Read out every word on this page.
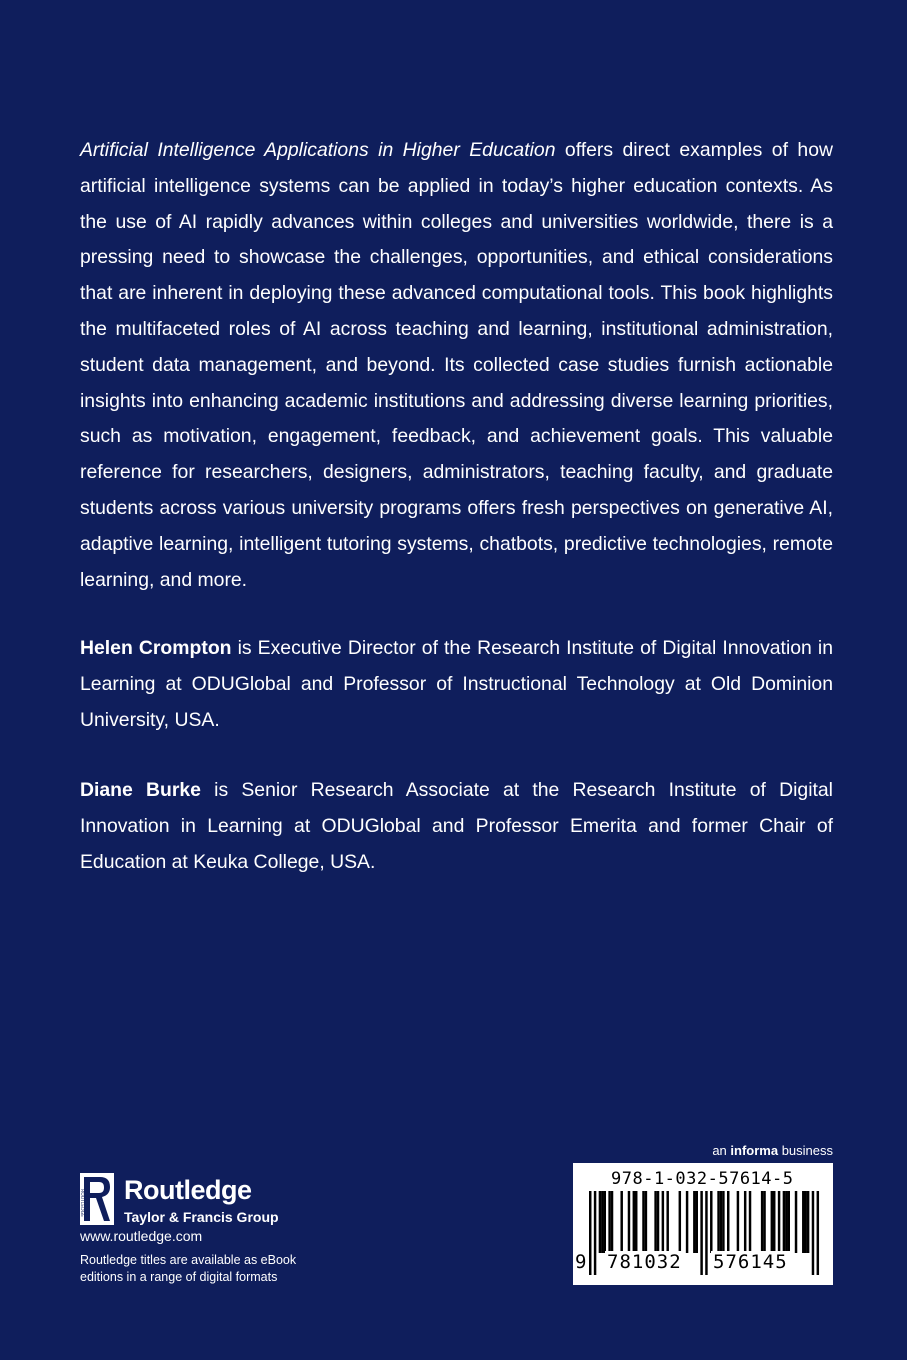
Artificial Intelligence Applications in Higher Education offers direct examples of how artificial intelligence systems can be applied in today’s higher education contexts. As the use of AI rapidly advances within colleges and universities worldwide, there is a pressing need to showcase the challenges, opportunities, and ethical considerations that are inherent in deploying these advanced computational tools. This book highlights the multifaceted roles of AI across teaching and learning, institutional administration, student data management, and beyond. Its collected case studies furnish actionable insights into enhancing academic institutions and addressing diverse learning priorities, such as motivation, engagement, feedback, and achievement goals. This valuable reference for researchers, designers, administrators, teaching faculty, and graduate students across various university programs offers fresh perspectives on generative AI, adaptive learning, intelligent tutoring systems, chatbots, predictive technologies, remote learning, and more.

Helen Crompton is Executive Director of the Research Institute of Digital Innovation in Learning at ODUGlobal and Professor of Instructional Technology at Old Dominion University, USA.

Diane Burke is Senior Research Associate at the Research Institute of Digital Innovation in Learning at ODUGlobal and Professor Emerita and former Chair of Education at Keuka College, USA.

ROUTLEDGE Routledge
Taylor & Francis Group
www.routledge.com
Routledge titles are available as eBook editions in a range of digital formats
an informa business
978-1-032-57614-5
9 781032 576145
